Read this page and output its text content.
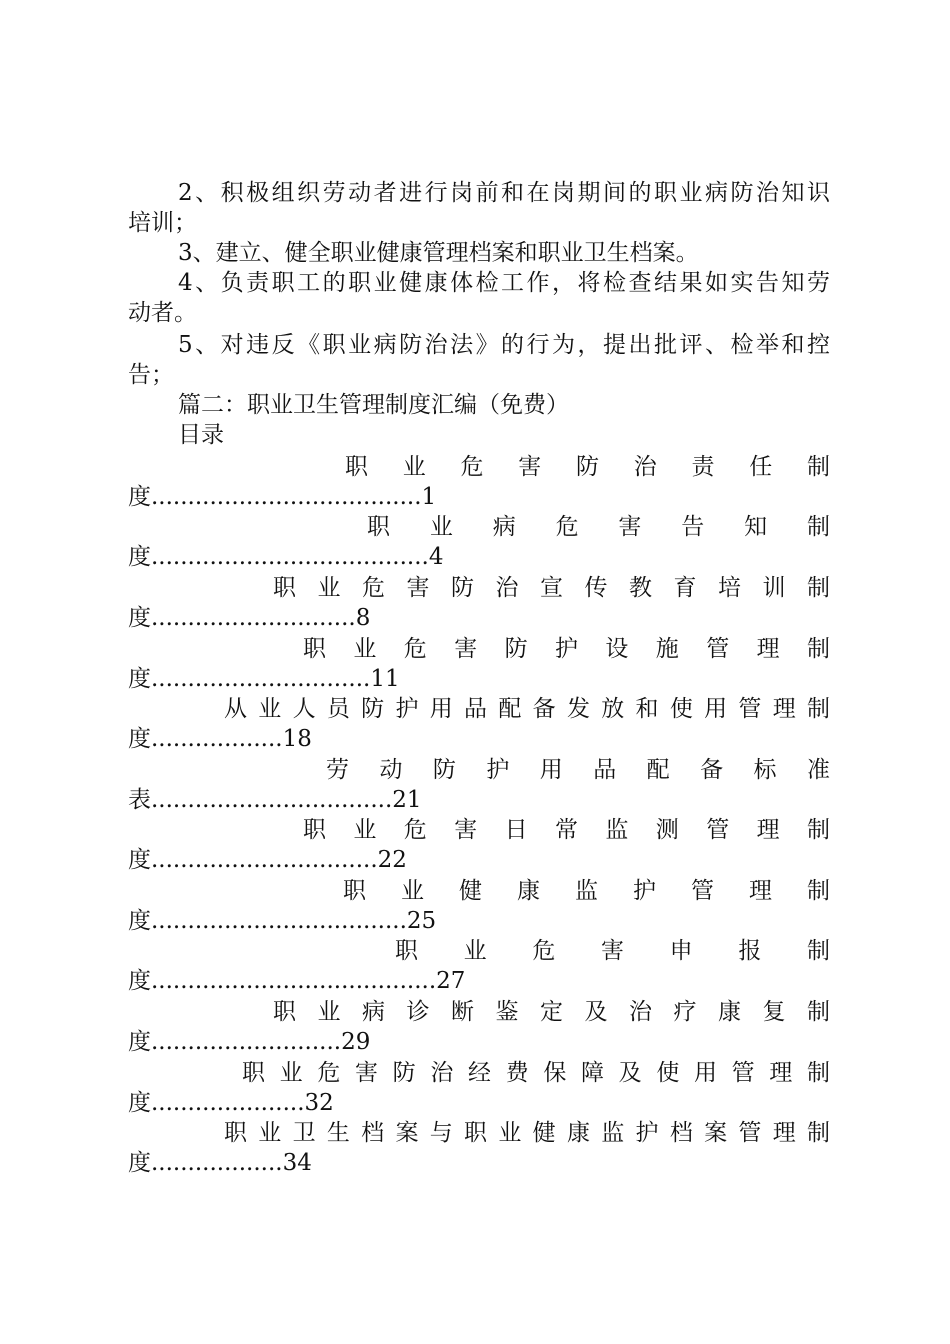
2、积极组织劳动者进行岗前和在岗期间的职业病防治知识
培训；
3、建立、健全职业健康管理档案和职业卫生档案。
4、负责职工的职业健康体检工作，将检查结果如实告知劳
动者。
5、对违反《职业病防治法》的行为，提出批评、检举和控
告；
篇二：职业卫生管理制度汇编（免费）
目录
职业危害防治责任制
度.....................................1
职业病危害告知制
度......................................4
职业危害防治宣传教育培训制
度............................8
职业危害防护设施管理制
度..............................11
从业人员防护用品配备发放和使用管理制
度..................18
劳动防护用品配备标准
表.................................21
职业危害日常监测管理制
度...............................22
职业健康监护管理制
度...................................25
职业危害申报制
度.......................................27
职业病诊断鉴定及治疗康复制
度..........................29
职业危害防治经费保障及使用管理制
度.....................32
职业卫生档案与职业健康监护档案管理制
度..................34
